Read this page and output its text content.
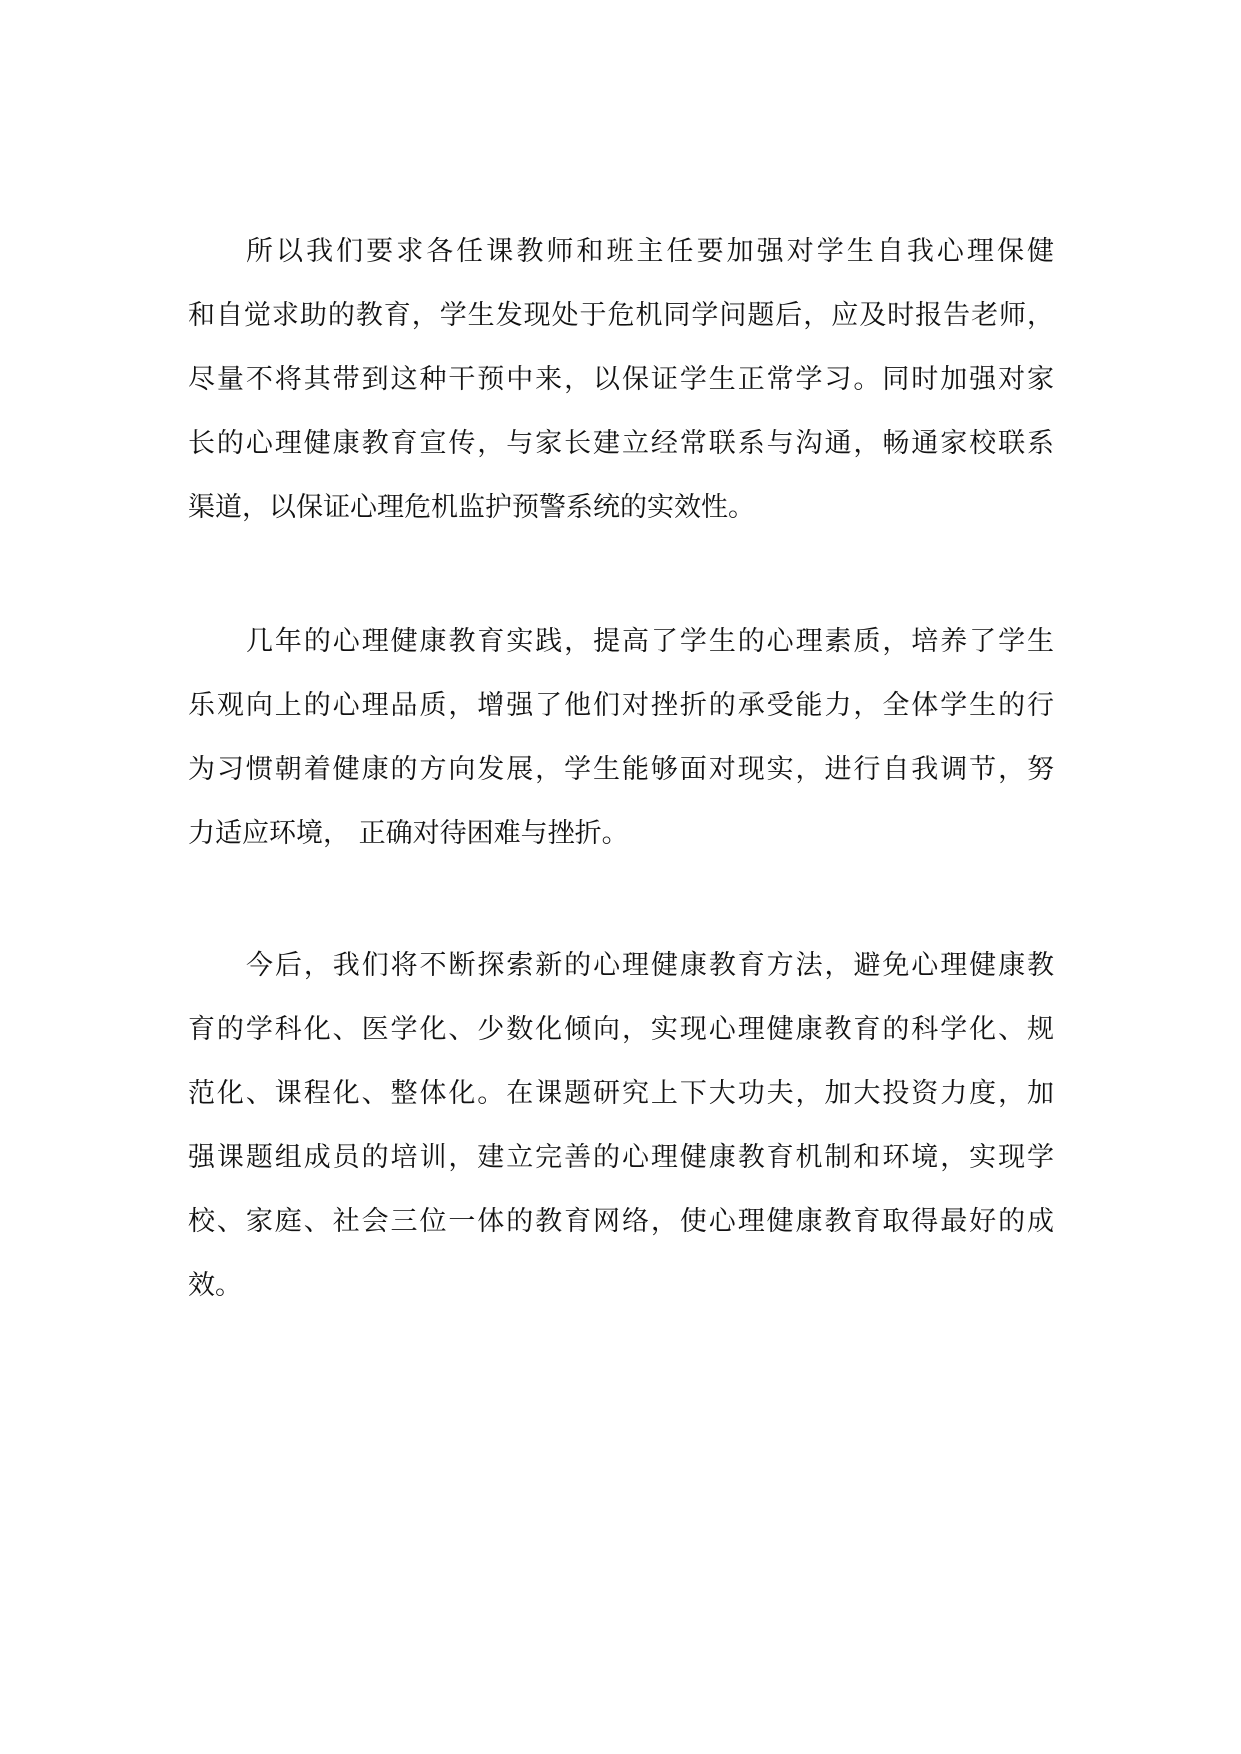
所以我们要求各任课教师和班主任要加强对学生自我心理保健
和自觉求助的教育，学生发现处于危机同学问题后，应及时报告老师，
尽量不将其带到这种干预中来，以保证学生正常学习。同时加强对家
长的心理健康教育宣传，与家长建立经常联系与沟通，畅通家校联系
渠道，以保证心理危机监护预警系统的实效性。
几年的心理健康教育实践，提高了学生的心理素质，培养了学生
乐观向上的心理品质，增强了他们对挫折的承受能力，全体学生的行
为习惯朝着健康的方向发展，学生能够面对现实，进行自我调节，努
力适应环境， 正确对待困难与挫折。
今后，我们将不断探索新的心理健康教育方法，避免心理健康教
育的学科化、医学化、少数化倾向，实现心理健康教育的科学化、规
范化、课程化、整体化。在课题研究上下大功夫，加大投资力度，加
强课题组成员的培训，建立完善的心理健康教育机制和环境，实现学
校、家庭、社会三位一体的教育网络，使心理健康教育取得最好的成
效。
